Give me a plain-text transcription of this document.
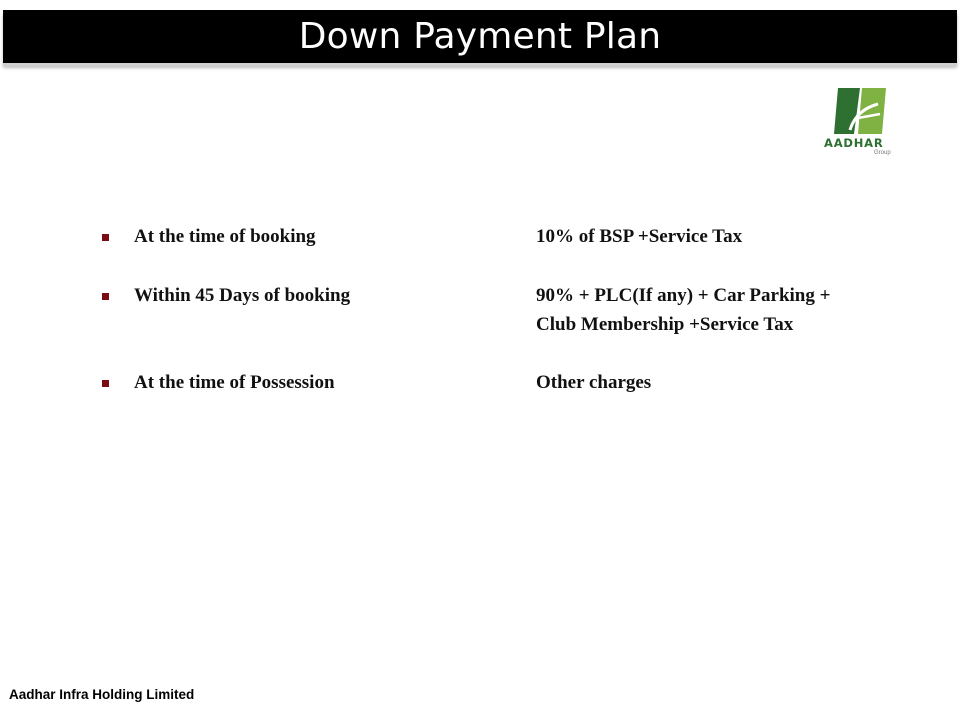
Down Payment Plan
AADHAR
Group
At the time of booking	10% of BSP +Service Tax
Within 45 Days of booking	90% + PLC(If any) + Car Parking +
Club Membership +Service Tax
At the time of Possession	Other charges
Aadhar Infra Holding Limited
